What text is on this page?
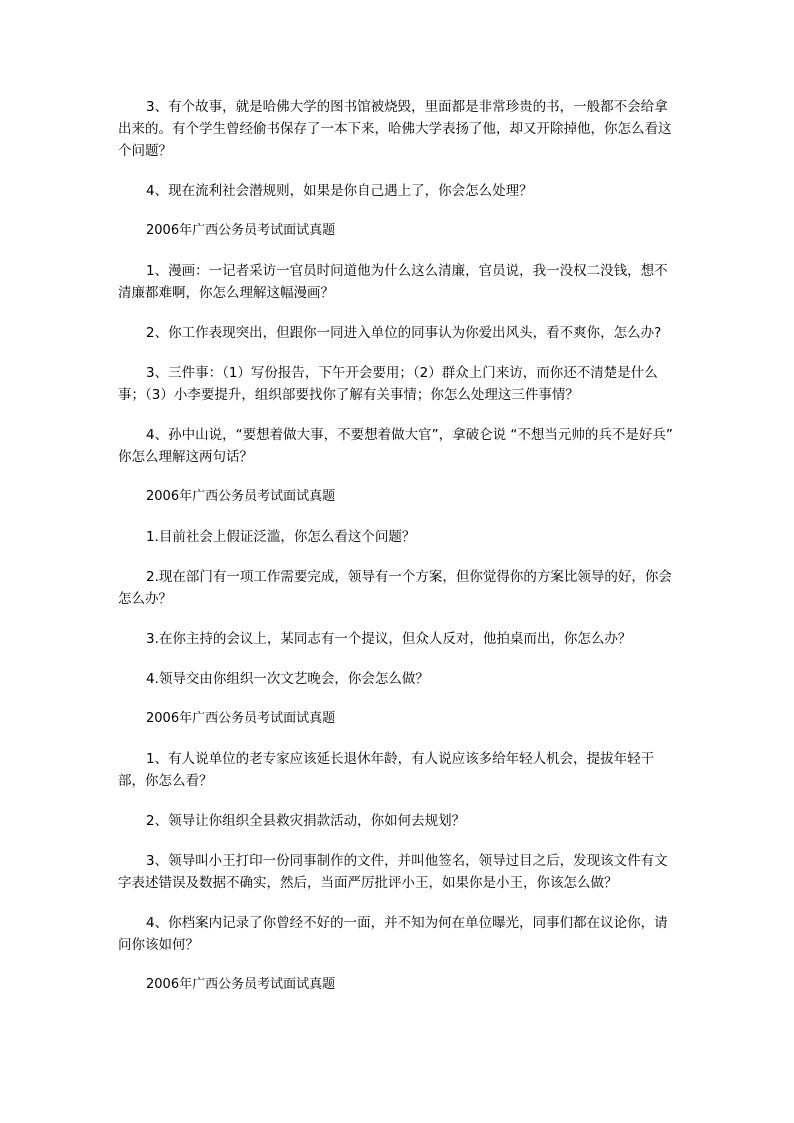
3、有个故事，就是哈佛大学的图书馆被烧毁，里面都是非常珍贵的书，一般都不会给拿出来的。有个学生曾经偷书保存了一本下来，哈佛大学表扬了他，却又开除掉他，你怎么看这个问题？

4、现在流利社会潜规则，如果是你自己遇上了，你会怎么处理？

2006年广西公务员考试面试真题

1、漫画：一记者采访一官员时问道他为什么这么清廉，官员说，我一没权二没钱，想不清廉都难啊，你怎么理解这幅漫画？

2、你工作表现突出，但跟你一同进入单位的同事认为你爱出风头，看不爽你，怎么办?

3、三件事：（1）写份报告，下午开会要用；（2）群众上门来访，而你还不清楚是什么事；（3）小李要提升，组织部要找你了解有关事情；你怎么处理这三件事情？

4、孙中山说，“要想着做大事，不要想着做大官”，拿破仑说 “不想当元帅的兵不是好兵” 你怎么理解这两句话？

2006年广西公务员考试面试真题

1.目前社会上假证泛滥，你怎么看这个问题？

2.现在部门有一项工作需要完成，领导有一个方案，但你觉得你的方案比领导的好，你会怎么办？

3.在你主持的会议上，某同志有一个提议，但众人反对，他拍桌而出，你怎么办？

4.领导交由你组织一次文艺晚会，你会怎么做？

2006年广西公务员考试面试真题

1、有人说单位的老专家应该延长退休年龄，有人说应该多给年轻人机会，提拔年轻干部，你怎么看？

2、领导让你组织全县救灾捐款活动，你如何去规划？

3、领导叫小王打印一份同事制作的文件，并叫他签名，领导过目之后，发现该文件有文字表述错误及数据不确实，然后，当面严厉批评小王，如果你是小王，你该怎么做？

4、你档案内记录了你曾经不好的一面，并不知为何在单位曝光，同事们都在议论你，请问你该如何？

2006年广西公务员考试面试真题
